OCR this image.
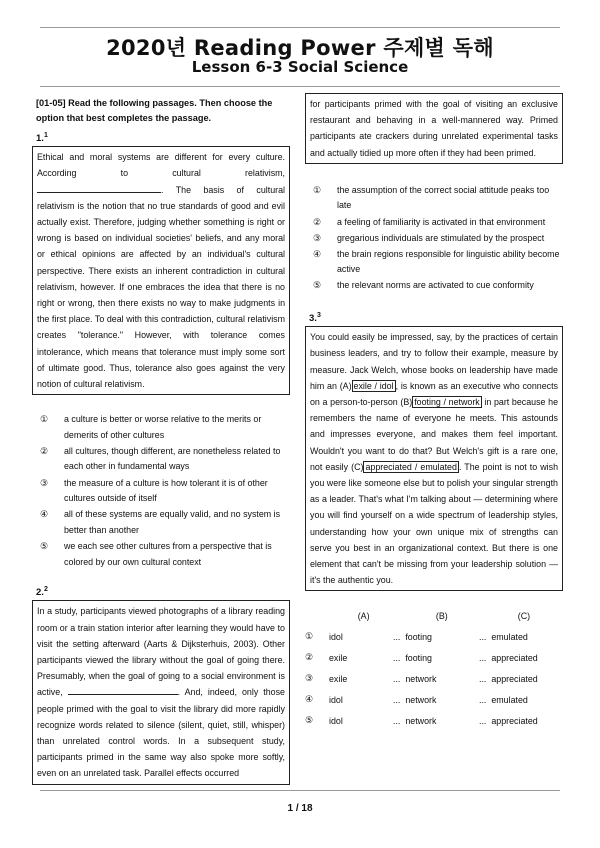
2020년 Reading Power 주제별 독해
Lesson 6-3 Social Science
[01-05] Read the following passages. Then choose the option that best completes the passage.
1.$^1$
Ethical and moral systems are different for every culture. According to cultural relativism, . The basis of cultural relativism is the notion that no true standards of good and evil actually exist. Therefore, judging whether something is right or wrong is based on individual societies' beliefs, and any moral or ethical opinions are affected by an individual's cultural perspective. There exists an inherent contradiction in cultural relativism, however. If one embraces the idea that there is no right or wrong, then there exists no way to make judgments in the first place. To deal with this contradiction, cultural relativism creates "tolerance." However, with tolerance comes intolerance, which means that tolerance must imply some sort of ultimate good. Thus, tolerance also goes against the very notion of cultural relativism.
①	a culture is better or worse relative to the merits or demerits of other cultures
②	all cultures, though different, are nonetheless related to each other in fundamental ways
③	the measure of a culture is how tolerant it is of other cultures outside of itself
④	all of these systems are equally valid, and no system is better than another
⑤	we each see other cultures from a perspective that is colored by our own cultural context
2.$^2$
In a study, participants viewed photographs of a library reading room or a train station interior after learning they would have to visit the setting afterward (Aarts & Dijksterhuis, 2003). Other participants viewed the library without the goal of going there. Presumably, when the goal of going to a social environment is active,	. And, indeed, only those people primed with the goal to visit the library did more rapidly recognize words related to silence (silent, quiet, still, whisper) than unrelated control words. In a subsequent study, participants primed in the same way also spoke more softly, even on an unrelated task. Parallel effects occurred
for participants primed with the goal of visiting an exclusive restaurant and behaving in a well-mannered way. Primed participants ate crackers during unrelated experimental tasks and actually tidied up more often if they had been primed.
①	the assumption of the correct social attitude peaks too late
②	a feeling of familiarity is activated in that environment
③	gregarious individuals are stimulated by the prospect
④	the brain regions responsible for linguistic ability become active
⑤	the relevant norms are activated to cue conformity
3.$^3$
You could easily be impressed, say, by the practices of certain business leaders, and try to follow their example, measure by measure. Jack Welch, whose books on leadership have made him an (A) exile / idol , is known as an executive who connects on a person-to-person (B) footing / network in part because he remembers the name of everyone he meets. This astounds and impresses everyone, and makes them feel important. Wouldn't you want to do that? But Welch's gift is a rare one, not easily (C) appreciated / emulated . The point is not to wish you were like someone else but to polish your singular strength as a leader. That's what I'm talking about — determining where you will find yourself on a wide spectrum of leadership styles, understanding how your own unique mix of strengths can serve you best in an organizational context. But there is one element that can't be missing from your leadership solution — it's the authentic you.
(A)	(B)	(C)
①	idol	... footing	... emulated
②	exile	... footing	... appreciated
③	exile	... network	... appreciated
④	idol	... network	... emulated
⑤	idol	... network	... appreciated
1 / 18
